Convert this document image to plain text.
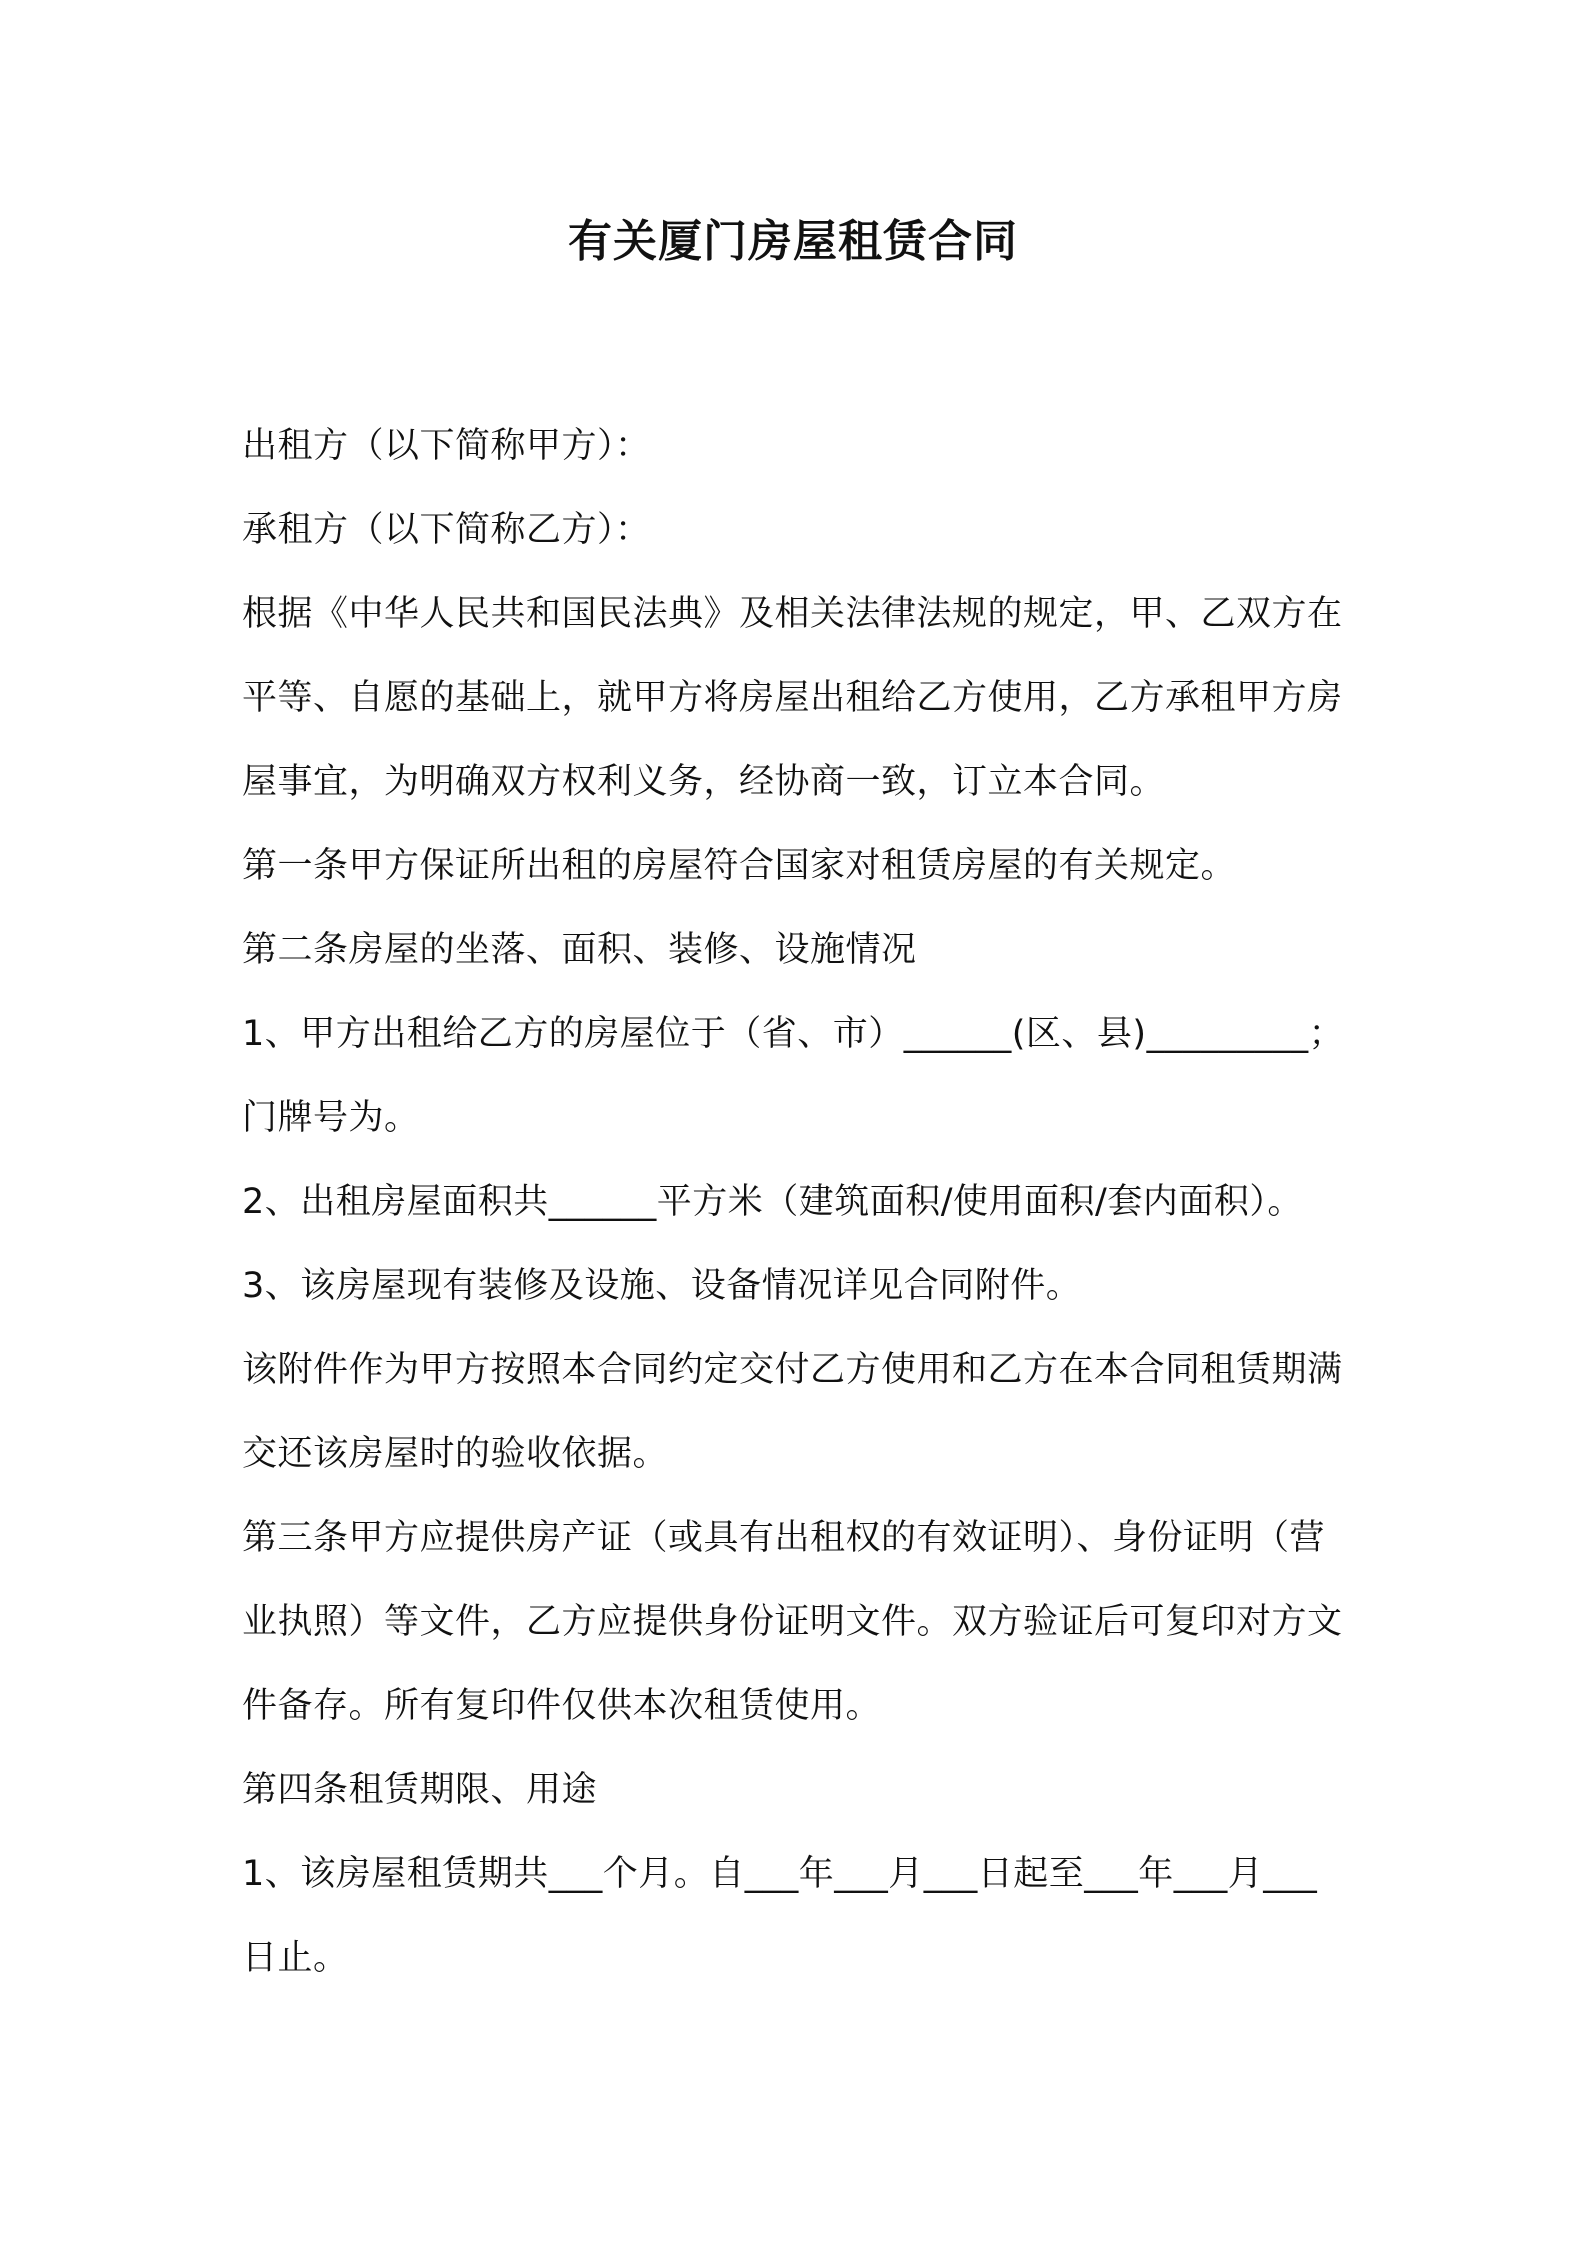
有关厦门房屋租赁合同

出租方（以下简称甲方）：

承租方（以下简称乙方）：

根据《中华人民共和国民法典》及相关法律法规的规定，甲、乙双方在平等、自愿的基础上，就甲方将房屋出租给乙方使用，乙方承租甲方房屋事宜，为明确双方权利义务，经协商一致，订立本合同。

第一条甲方保证所出租的房屋符合国家对租赁房屋的有关规定。

第二条房屋的坐落、面积、装修、设施情况

1、甲方出租给乙方的房屋位于（省、市）______(区、县)_________；门牌号为。

2、出租房屋面积共______平方米（建筑面积/使用面积/套内面积）。

3、该房屋现有装修及设施、设备情况详见合同附件。

该附件作为甲方按照本合同约定交付乙方使用和乙方在本合同租赁期满交还该房屋时的验收依据。

第三条甲方应提供房产证（或具有出租权的有效证明）、身份证明（营业执照）等文件，乙方应提供身份证明文件。双方验证后可复印对方文件备存。所有复印件仅供本次租赁使用。

第四条租赁期限、用途

1、该房屋租赁期共___个月。自___年___月___日起至___年___月___日止。
